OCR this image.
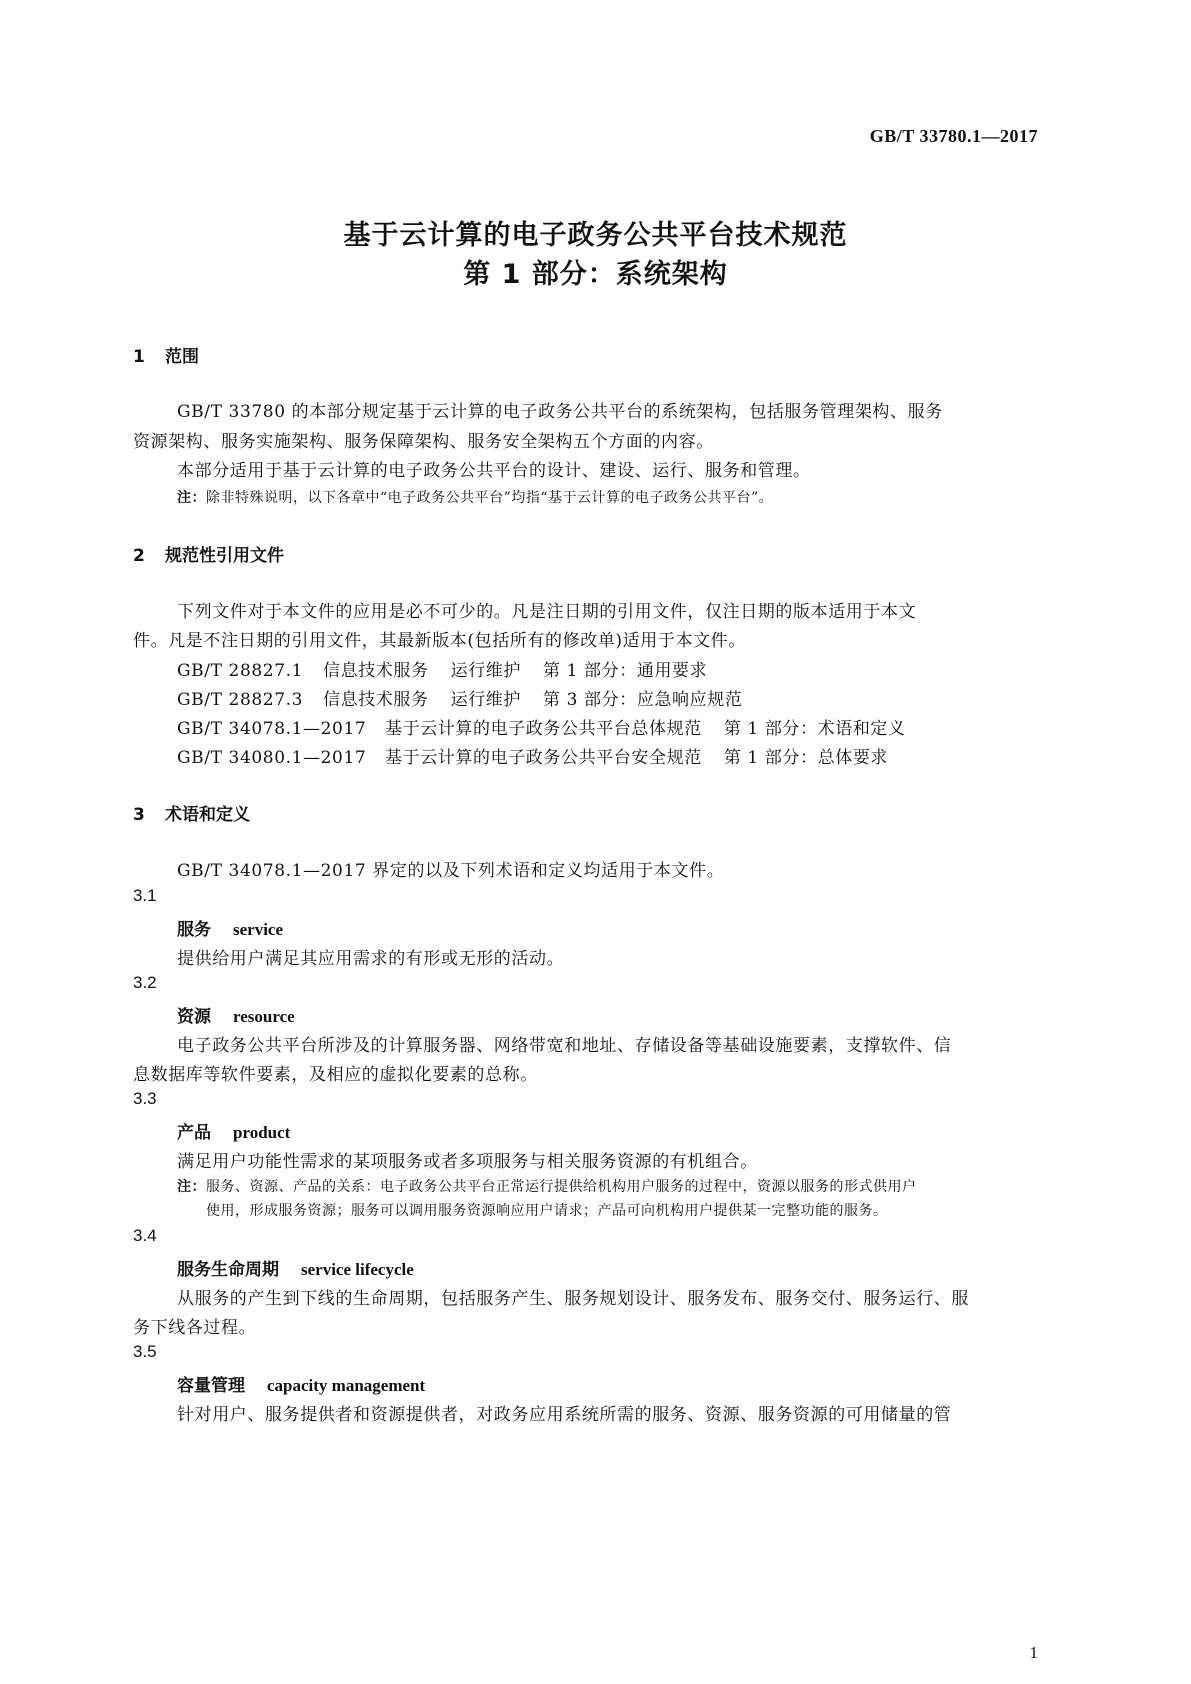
GB/T 33780.1—2017
基于云计算的电子政务公共平台技术规范
第 1 部分：系统架构
1 范围
GB/T 33780 的本部分规定基于云计算的电子政务公共平台的系统架构，包括服务管理架构、服务
资源架构、服务实施架构、服务保障架构、服务安全架构五个方面的内容。
本部分适用于基于云计算的电子政务公共平台的设计、建设、运行、服务和管理。
注：除非特殊说明，以下各章中“电子政务公共平台”均指“基于云计算的电子政务公共平台”。
2 规范性引用文件
下列文件对于本文件的应用是必不可少的。凡是注日期的引用文件，仅注日期的版本适用于本文
件。凡是不注日期的引用文件，其最新版本(包括所有的修改单)适用于本文件。
GB/T 28827.1 信息技术服务 运行维护 第 1 部分：通用要求
GB/T 28827.3 信息技术服务 运行维护 第 3 部分：应急响应规范
GB/T 34078.1—2017 基于云计算的电子政务公共平台总体规范 第 1 部分：术语和定义
GB/T 34080.1—2017 基于云计算的电子政务公共平台安全规范 第 1 部分：总体要求
3 术语和定义
GB/T 34078.1—2017 界定的以及下列术语和定义均适用于本文件。
3.1
服务 service
提供给用户满足其应用需求的有形或无形的活动。
3.2
资源 resource
电子政务公共平台所涉及的计算服务器、网络带宽和地址、存储设备等基础设施要素，支撑软件、信
息数据库等软件要素，及相应的虚拟化要素的总称。
3.3
产品 product
满足用户功能性需求的某项服务或者多项服务与相关服务资源的有机组合。
注：服务、资源、产品的关系：电子政务公共平台正常运行提供给机构用户服务的过程中，资源以服务的形式供用户
使用，形成服务资源；服务可以调用服务资源响应用户请求；产品可向机构用户提供某一完整功能的服务。
3.4
服务生命周期 service lifecycle
从服务的产生到下线的生命周期，包括服务产生、服务规划设计、服务发布、服务交付、服务运行、服
务下线各过程。
3.5
容量管理 capacity management
针对用户、服务提供者和资源提供者，对政务应用系统所需的服务、资源、服务资源的可用储量的管
1
